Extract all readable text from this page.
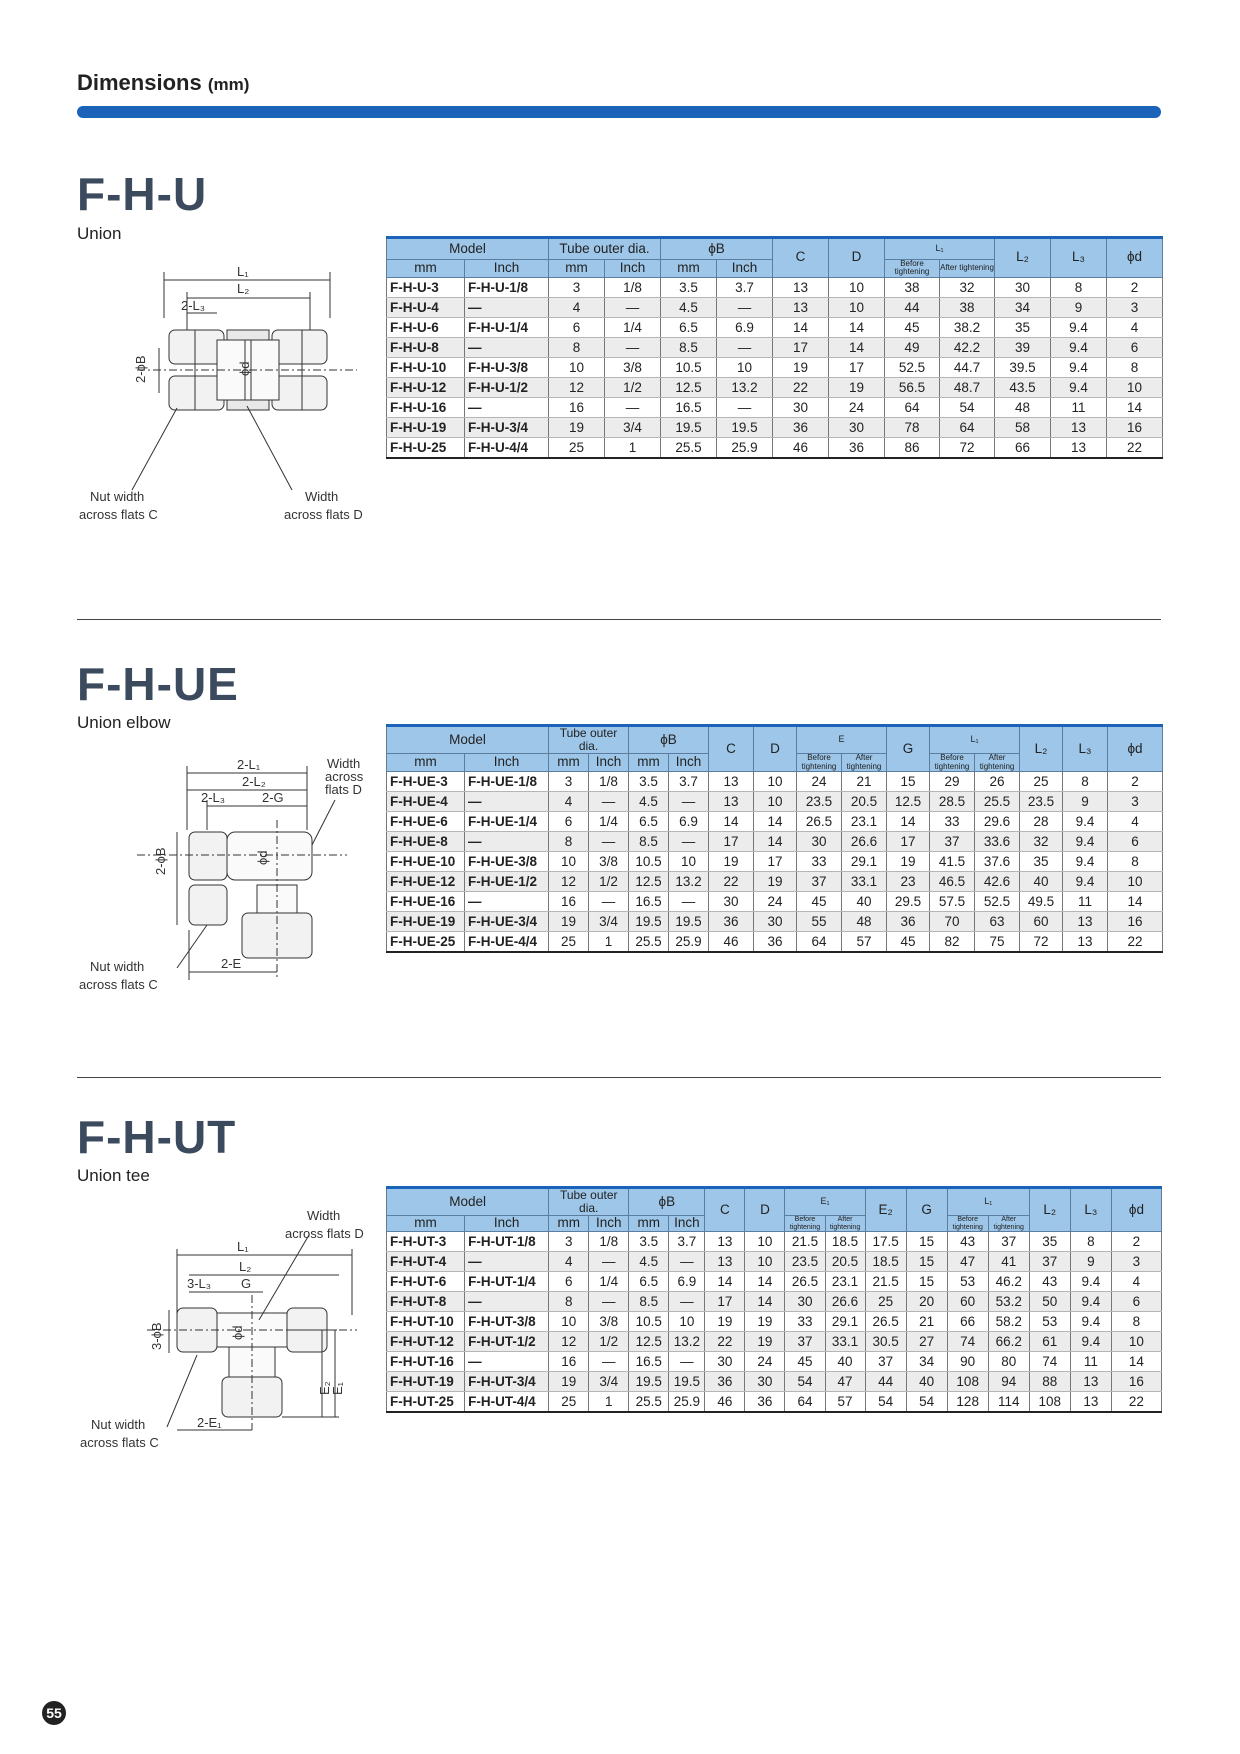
Dimensions (mm)
F-H-U
Union
L₁
L₂
2-L₃
2-ϕB	ϕd
Nut width
across flats C
Width
across flats D
Model		Tube outer dia.		ϕB		C	D	L₁		L₂	L₃	ϕd
mm	Inch	mm	Inch	mm	Inch			Before tightening	After tightening			

F-H-U-3	F-H-U-1/8	3	1/8	3.5	3.7	13	10	38	32	30	8	2
F-H-U-4	—	4	—	4.5	—	13	10	44	38	34	9	3
F-H-U-6	F-H-U-1/4	6	1/4	6.5	6.9	14	14	45	38.2	35	9.4	4
F-H-U-8	—	8	—	8.5	—	17	14	49	42.2	39	9.4	6
F-H-U-10	F-H-U-3/8	10	3/8	10.5	10	19	17	52.5	44.7	39.5	9.4	8
F-H-U-12	F-H-U-1/2	12	1/2	12.5	13.2	22	19	56.5	48.7	43.5	9.4	10
F-H-U-16	—	16	—	16.5	—	30	24	64	54	48	11	14
F-H-U-19	F-H-U-3/4	19	3/4	19.5	19.5	36	30	78	64	58	13	16
F-H-U-25	F-H-U-4/4	25	1	25.5	25.9	46	36	86	72	66	13	22
F-H-UE
Union elbow
2-L₁
2-L₂
2-L₃	2-G
2-ϕB	ϕd
2-E
Nut width
across flats C
Width
across
flats D
Model		Tube outer dia.		ϕB		C	D	E		G	L₁		L₂	L₃	ϕd
mm	Inch	mm	Inch	mm	Inch			Before tightening	After tightening		Before tightening	After tightening			

F-H-UE-3	F-H-UE-1/8	3	1/8	3.5	3.7	13	10	24	21	15	29	26	25	8	2
F-H-UE-4	—	4	—	4.5	—	13	10	23.5	20.5	12.5	28.5	25.5	23.5	9	3
F-H-UE-6	F-H-UE-1/4	6	1/4	6.5	6.9	14	14	26.5	23.1	14	33	29.6	28	9.4	4
F-H-UE-8	—	8	—	8.5	—	17	14	30	26.6	17	37	33.6	32	9.4	6
F-H-UE-10	F-H-UE-3/8	10	3/8	10.5	10	19	17	33	29.1	19	41.5	37.6	35	9.4	8
F-H-UE-12	F-H-UE-1/2	12	1/2	12.5	13.2	22	19	37	33.1	23	46.5	42.6	40	9.4	10
F-H-UE-16	—	16	—	16.5	—	30	24	45	40	29.5	57.5	52.5	49.5	11	14
F-H-UE-19	F-H-UE-3/4	19	3/4	19.5	19.5	36	30	55	48	36	70	63	60	13	16
F-H-UE-25	F-H-UE-4/4	25	1	25.5	25.9	46	36	64	57	45	82	75	72	13	22
F-H-UT
Union tee
L₁
L₂
3-L₃ G
3-ϕB	ϕd
E₂
E₁
2-E₁
Nut width
across flats C
Width
across flats D
Model		Tube outer dia.		ϕB		C	D	E₁		E₂	G	L₁		L₂	L₃	ϕd
mm	Inch	mm	Inch	mm	Inch			Before tightening	After tightening			Before tightening	After tightening			

F-H-UT-3	F-H-UT-1/8	3	1/8	3.5	3.7	13	10	21.5	18.5	17.5	15	43	37	35	8	2
F-H-UT-4	—	4	—	4.5	—	13	10	23.5	20.5	18.5	15	47	41	37	9	3
F-H-UT-6	F-H-UT-1/4	6	1/4	6.5	6.9	14	14	26.5	23.1	21.5	15	53	46.2	43	9.4	4
F-H-UT-8	—	8	—	8.5	—	17	14	30	26.6	25	20	60	53.2	50	9.4	6
F-H-UT-10	F-H-UT-3/8	10	3/8	10.5	10	19	19	33	29.1	26.5	21	66	58.2	53	9.4	8
F-H-UT-12	F-H-UT-1/2	12	1/2	12.5	13.2	22	19	37	33.1	30.5	27	74	66.2	61	9.4	10
F-H-UT-16	—	16	—	16.5	—	30	24	45	40	37	34	90	80	74	11	14
F-H-UT-19	F-H-UT-3/4	19	3/4	19.5	19.5	36	30	54	47	44	40	108	94	88	13	16
F-H-UT-25	F-H-UT-4/4	25	1	25.5	25.9	46	36	64	57	54	54	128	114	108	13	22
55
